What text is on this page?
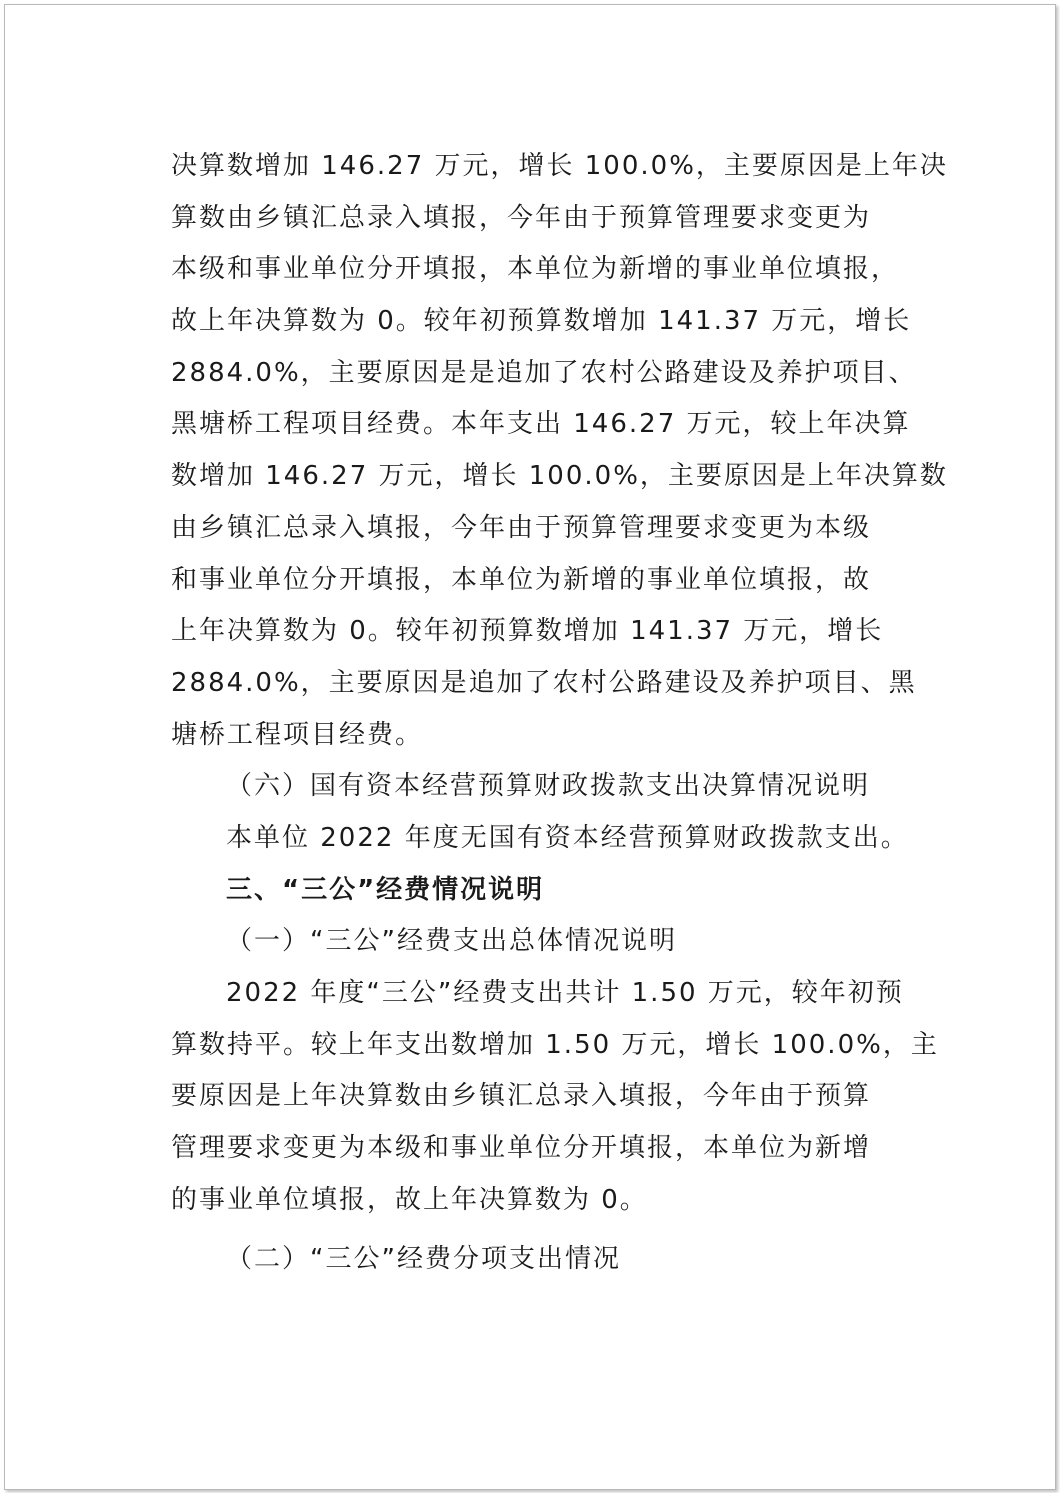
决算数增加 146.27 万元，增长 100.0%，主要原因是上年决
算数由乡镇汇总录入填报，今年由于预算管理要求变更为
本级和事业单位分开填报，本单位为新增的事业单位填报，
故上年决算数为 0。较年初预算数增加 141.37 万元，增长
2884.0%，主要原因是是追加了农村公路建设及养护项目、
黑塘桥工程项目经费。本年支出 146.27 万元，较上年决算
数增加 146.27 万元，增长 100.0%，主要原因是上年决算数
由乡镇汇总录入填报，今年由于预算管理要求变更为本级
和事业单位分开填报，本单位为新增的事业单位填报，故
上年决算数为 0。较年初预算数增加 141.37 万元，增长
2884.0%，主要原因是追加了农村公路建设及养护项目、黑
塘桥工程项目经费。
（六）国有资本经营预算财政拨款支出决算情况说明
本单位 2022 年度无国有资本经营预算财政拨款支出。
三、“三公”经费情况说明
（一）“三公”经费支出总体情况说明
2022 年度“三公”经费支出共计 1.50 万元，较年初预
算数持平。较上年支出数增加 1.50 万元，增长 100.0%，主
要原因是上年决算数由乡镇汇总录入填报，今年由于预算
管理要求变更为本级和事业单位分开填报，本单位为新增
的事业单位填报，故上年决算数为 0。
（二）“三公”经费分项支出情况
